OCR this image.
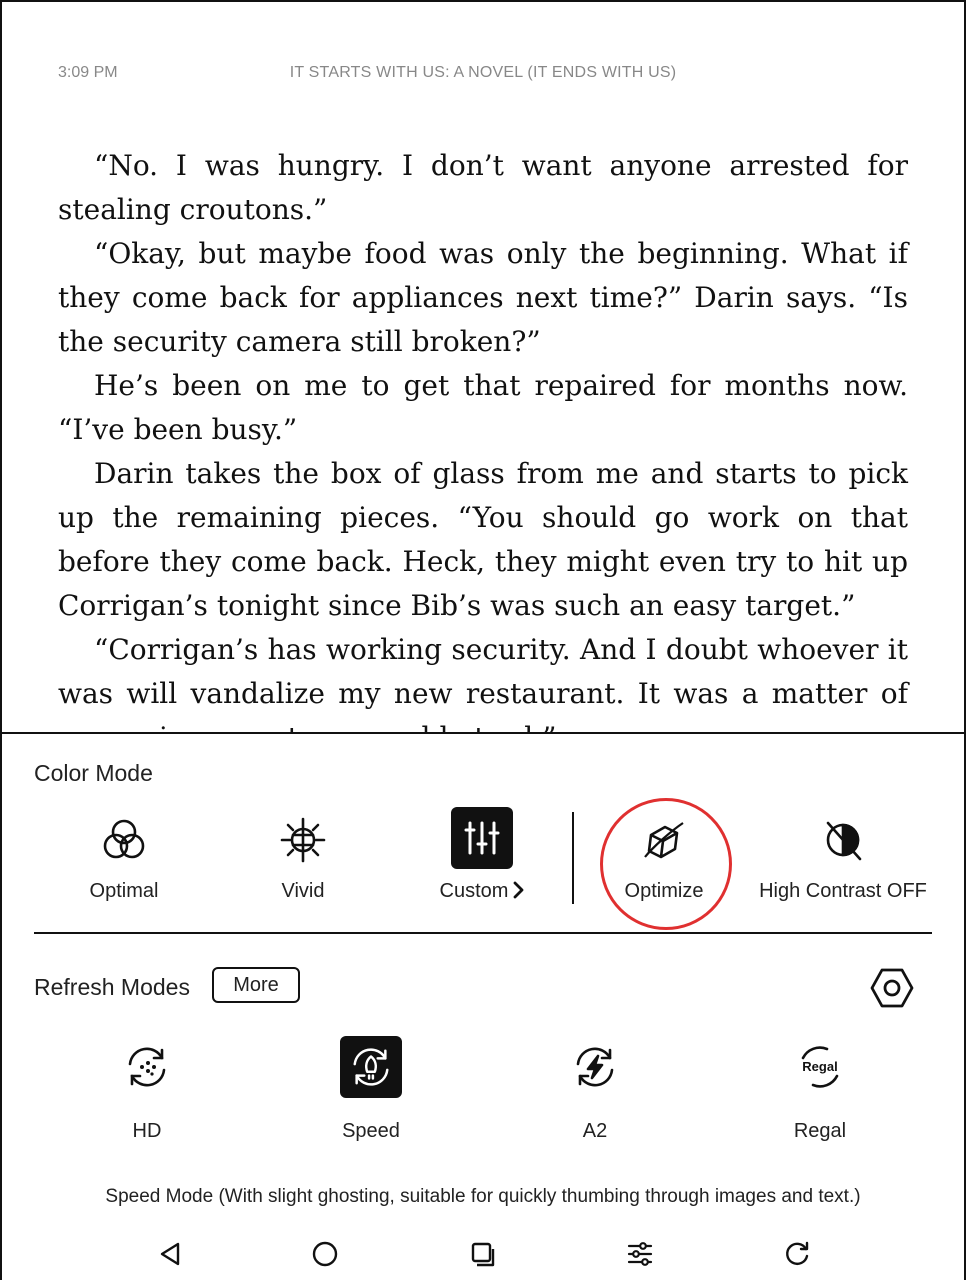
3:09 PM	IT STARTS WITH US: A NOVEL (IT ENDS WITH US)

“No. I was hungry. I don’t want anyone arrested for stealing croutons.”

“Okay, but maybe food was only the beginning. What if they come back for appliances next time?” Darin says. “Is the security camera still broken?”

He’s been on me to get that repaired for months now. “I’ve been busy.”

Darin takes the box of glass from me and starts to pick up the remaining pieces. “You should go work on that before they come back. Heck, they might even try to hit up Corrigan’s tonight since Bib’s was such an easy target.”

“Corrigan’s has working security. And I doubt whoever it was will vandalize my new restaurant. It was a matter of

Color Mode
Optimal	Vivid	Custom	Optimize	High Contrast OFF
Refresh Modes	More
HD	Speed	A2
Regal
Regal
Speed Mode (With slight ghosting, suitable for quickly thumbing through images and text.)
